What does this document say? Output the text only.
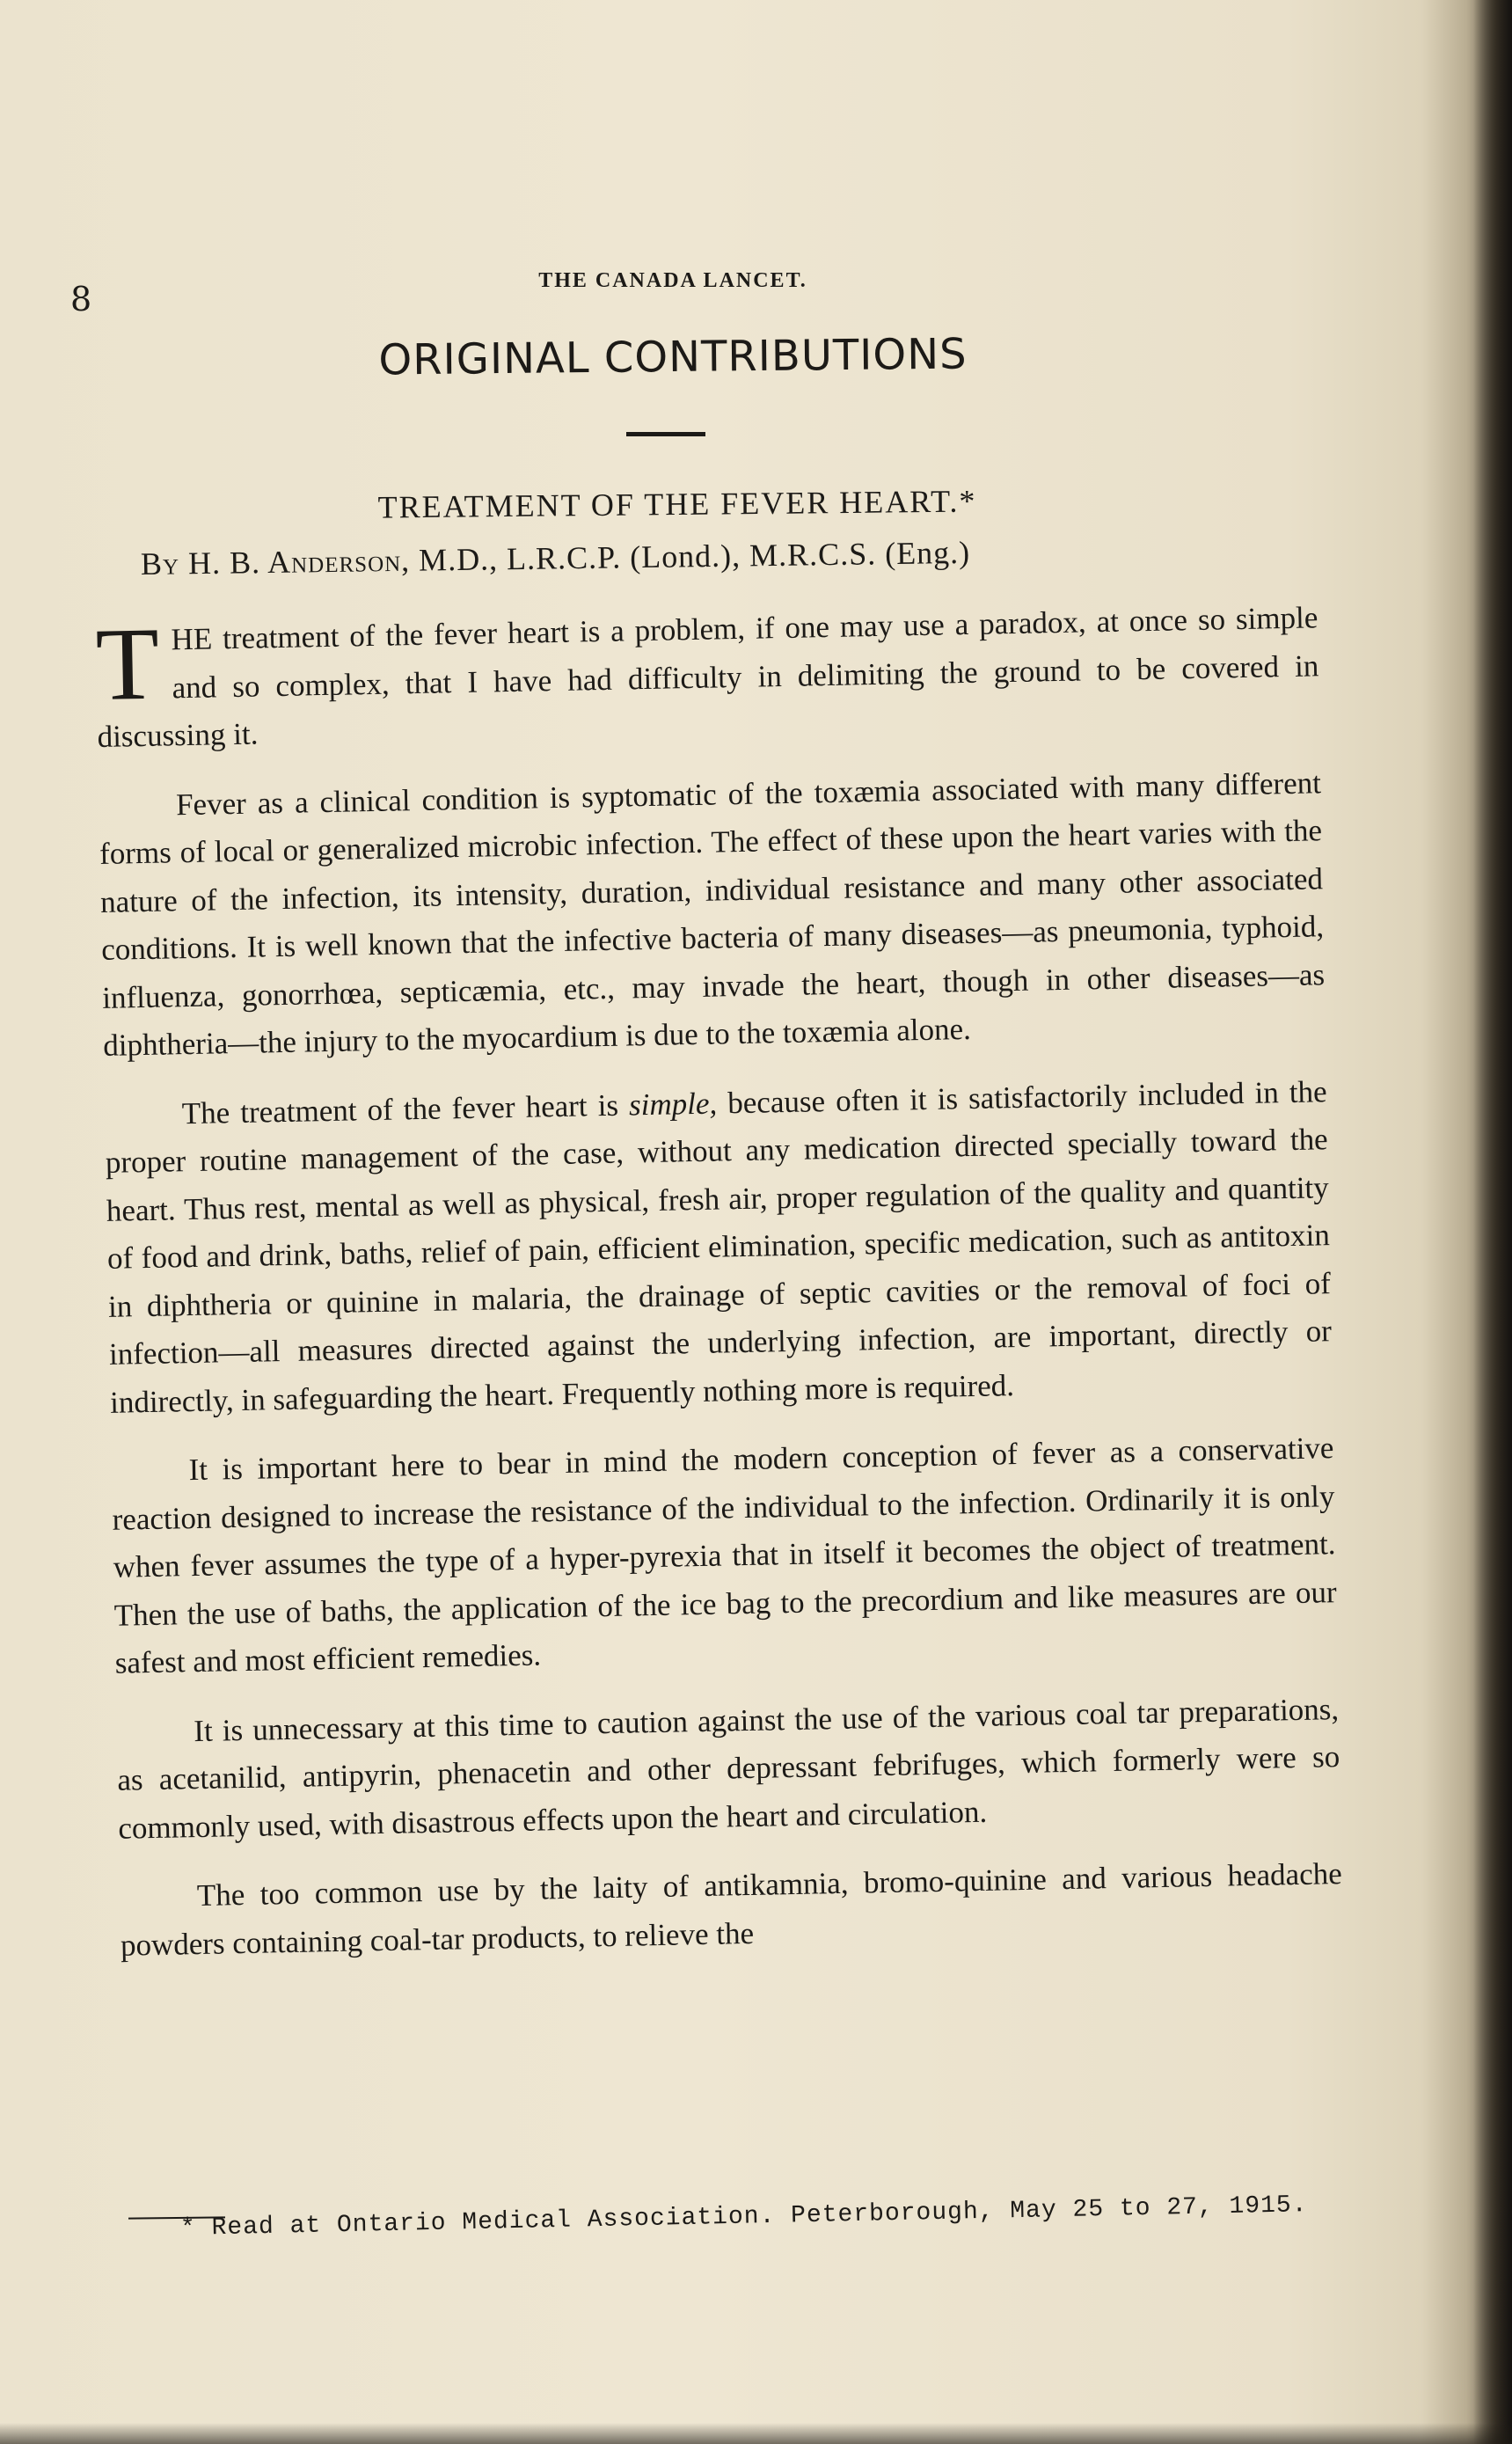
8	THE CANADA LANCET.
ORIGINAL CONTRIBUTIONS
TREATMENT OF THE FEVER HEART.*
By H. B. Anderson, M.D., L.R.C.P. (Lond.), M.R.C.S. (Eng.)

THE treatment of the fever heart is a problem, if one may use a paradox, at once so simple and so complex, that I have had difficulty in delimiting the ground to be covered in discussing it.

Fever as a clinical condition is syptomatic of the toxæmia associated with many different forms of local or generalized microbic infection. The effect of these upon the heart varies with the nature of the infection, its intensity, duration, individual resistance and many other associated conditions. It is well known that the infective bacteria of many diseases—as pneumonia, typhoid, influenza, gonorrhœa, septicæmia, etc., may invade the heart, though in other diseases—as diphtheria—the injury to the myocardium is due to the toxæmia alone.

The treatment of the fever heart is simple, because often it is satisfactorily included in the proper routine management of the case, without any medication directed specially toward the heart. Thus rest, mental as well as physical, fresh air, proper regulation of the quality and quantity of food and drink, baths, relief of pain, efficient elimination, specific medication, such as antitoxin in diphtheria or quinine in malaria, the drainage of septic cavities or the removal of foci of infection—all measures directed against the underlying infection, are important, directly or indirectly, in safeguarding the heart. Frequently nothing more is required.

It is important here to bear in mind the modern conception of fever as a conservative reaction designed to increase the resistance of the individual to the infection. Ordinarily it is only when fever assumes the type of a hyper-pyrexia that in itself it becomes the object of treatment. Then the use of baths, the application of the ice bag to the precordium and like measures are our safest and most efficient remedies.

It is unnecessary at this time to caution against the use of the various coal tar preparations, as acetanilid, antipyrin, phenacetin and other depressant febrifuges, which formerly were so commonly used, with disastrous effects upon the heart and circulation.

The too common use by the laity of antikamnia, bromo-quinine and various headache powders containing coal-tar products, to relieve the

* Read at Ontario Medical Association. Peterborough, May 25 to 27, 1915.
